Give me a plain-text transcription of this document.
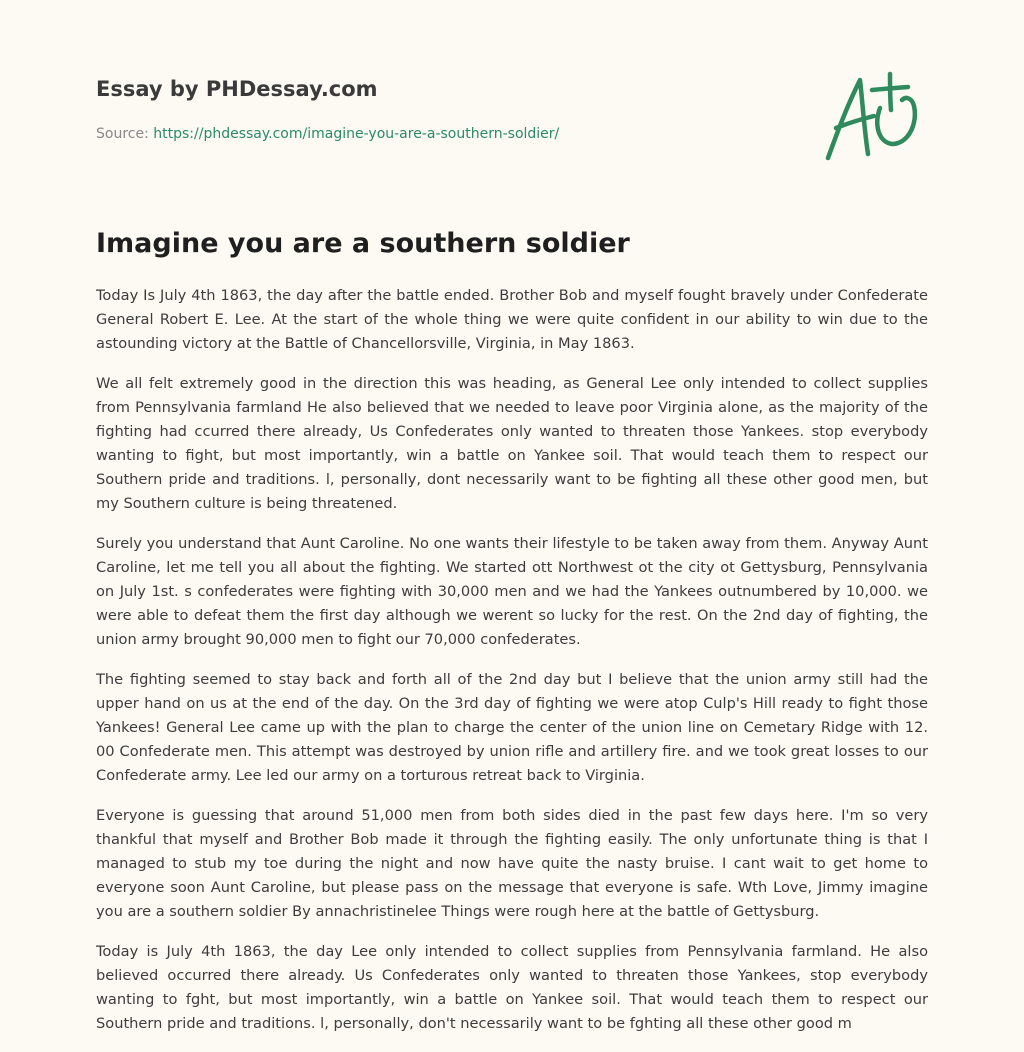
Essay by PHDessay.com
Source: https://phdessay.com/imagine-you-are-a-southern-soldier/
Imagine you are a southern soldier

Today Is July 4th 1863, the day after the battle ended. Brother Bob and myself fought bravely under Confederate General Robert E. Lee. At the start of the whole thing we were quite confident in our ability to win due to the astounding victory at the Battle of Chancellorsville, Virginia, in May 1863.

We all felt extremely good in the direction this was heading, as General Lee only intended to collect supplies from Pennsylvania farmland He also believed that we needed to leave poor Virginia alone, as the majority of the fighting had ccurred there already, Us Confederates only wanted to threaten those Yankees. stop everybody wanting to fight, but most importantly, win a battle on Yankee soil. That would teach them to respect our Southern pride and traditions. l, personally, dont necessarily want to be fighting all these other good men, but my Southern culture is being threatened.

Surely you understand that Aunt Caroline. No one wants their lifestyle to be taken away from them. Anyway Aunt Caroline, let me tell you all about the fighting. We started ott Northwest ot the city ot Gettysburg, Pennsylvania on July 1st. s confederates were fighting with 30,000 men and we had the Yankees outnumbered by 10,000. we were able to defeat them the first day although we werent so lucky for the rest. On the 2nd day of fighting, the union army brought 90,000 men to fight our 70,000 confederates.

The fighting seemed to stay back and forth all of the 2nd day but I believe that the union army still had the upper hand on us at the end of the day. On the 3rd day of fighting we were atop Culp's Hill ready to fight those Yankees! General Lee came up with the plan to charge the center of the union line on Cemetary Ridge with 12. 00 Confederate men. This attempt was destroyed by union rifle and artillery fire. and we took great losses to our Confederate army. Lee led our army on a torturous retreat back to Virginia.

Everyone is guessing that around 51,000 men from both sides died in the past few days here. I'm so very thankful that myself and Brother Bob made it through the fighting easily. The only unfortunate thing is that I managed to stub my toe during the night and now have quite the nasty bruise. I cant wait to get home to everyone soon Aunt Caroline, but please pass on the message that everyone is safe. Wth Love, Jimmy imagine you are a southern soldier By annachristinelee Things were rough here at the battle of Gettysburg.

Today is July 4th 1863, the day Lee only intended to collect supplies from Pennsylvania farmland. He also believed occurred there already. Us Confederates only wanted to threaten those Yankees, stop everybody wanting to fght, but most importantly, win a battle on Yankee soil. That would teach them to respect our Southern pride and traditions. l, personally, don't necessarily want to be fghting all these other good m
